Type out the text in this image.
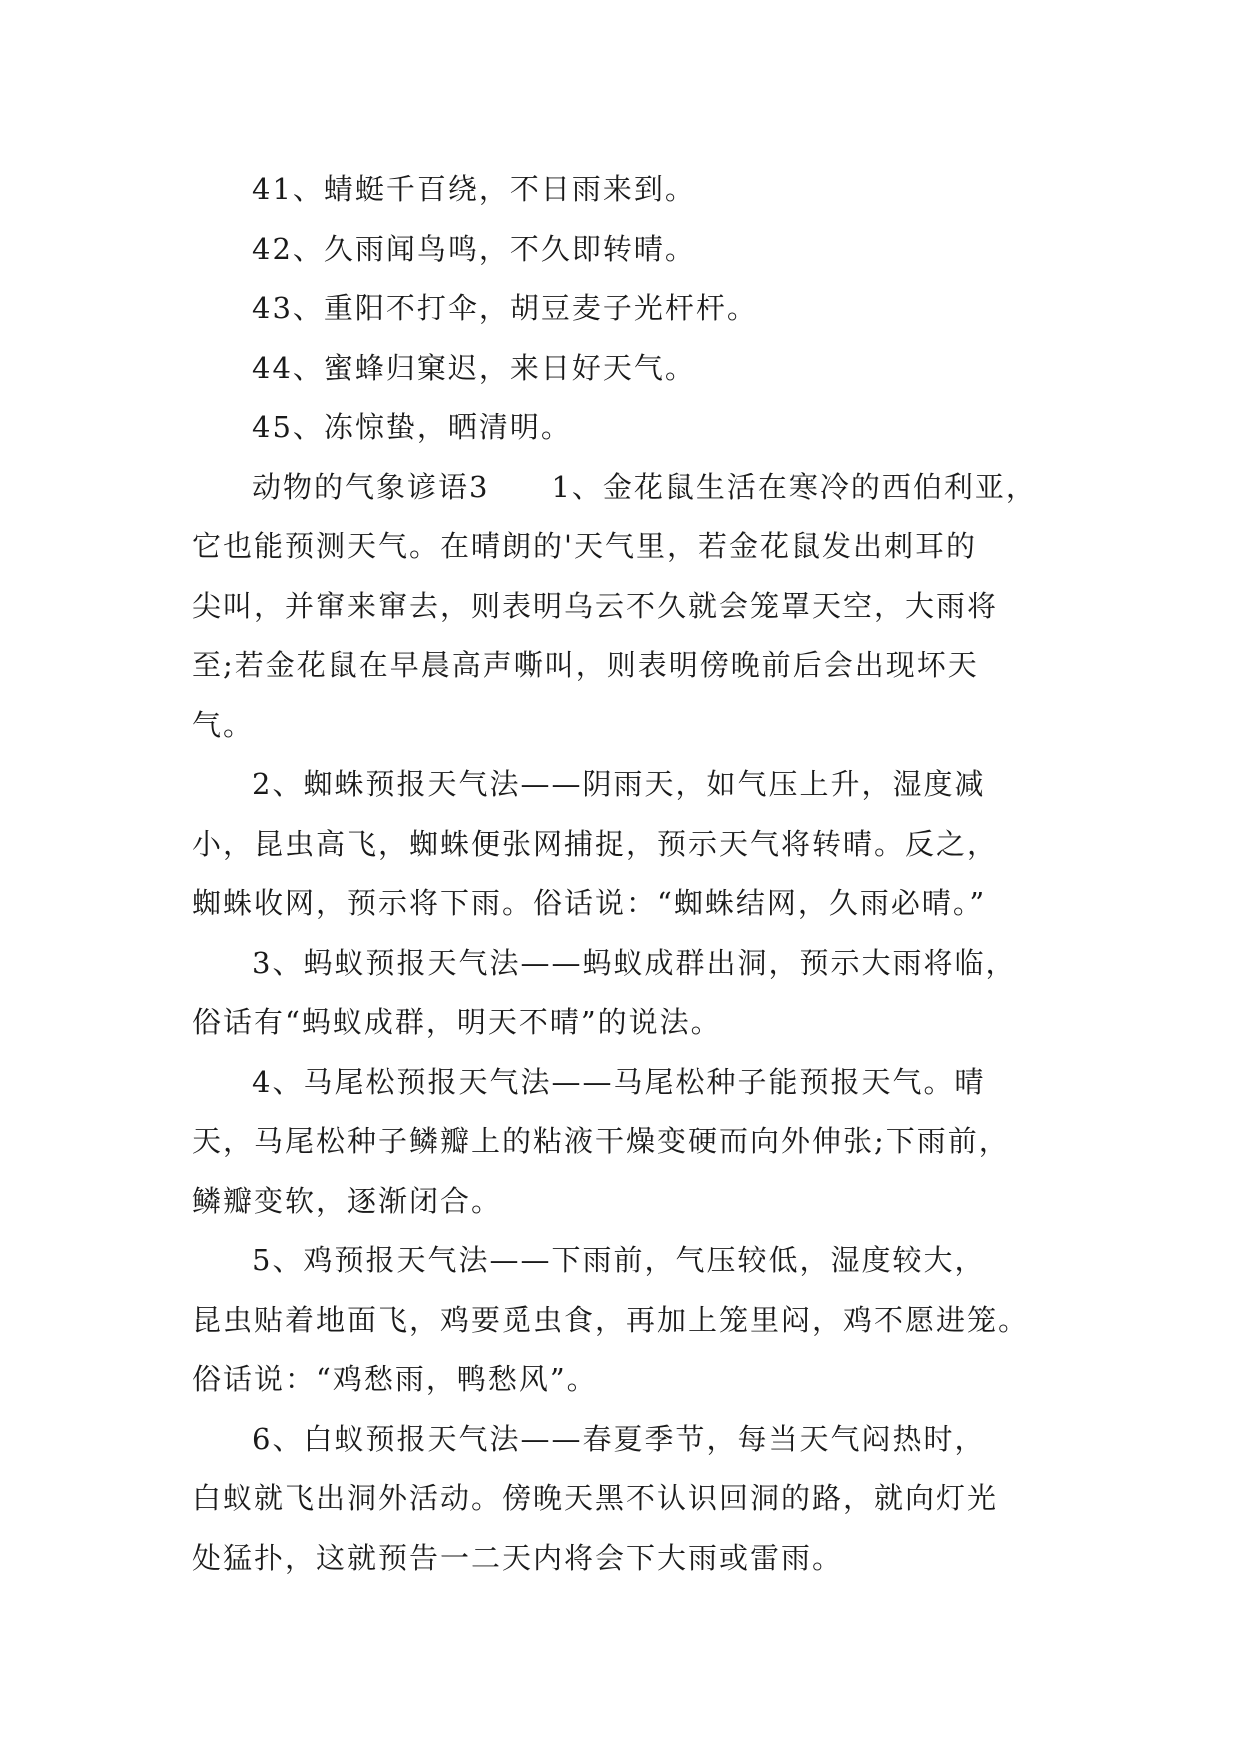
41、蜻蜓千百绕，不日雨来到。
42、久雨闻鸟鸣，不久即转晴。
43、重阳不打伞，胡豆麦子光杆杆。
44、蜜蜂归窠迟，来日好天气。
45、冻惊蛰，晒清明。
动物的气象谚语3　　1、金花鼠生活在寒冷的西伯利亚，
它也能预测天气。在晴朗的'天气里，若金花鼠发出刺耳的
尖叫，并窜来窜去，则表明乌云不久就会笼罩天空，大雨将
至;若金花鼠在早晨高声嘶叫，则表明傍晚前后会出现坏天
气。
2、蜘蛛预报天气法——阴雨天，如气压上升，湿度减
小，昆虫高飞，蜘蛛便张网捕捉，预示天气将转晴。反之，
蜘蛛收网，预示将下雨。俗话说：“蜘蛛结网，久雨必晴。”
3、蚂蚁预报天气法——蚂蚁成群出洞，预示大雨将临，
俗话有“蚂蚁成群，明天不晴”的说法。
4、马尾松预报天气法——马尾松种子能预报天气。晴
天，马尾松种子鳞瓣上的粘液干燥变硬而向外伸张;下雨前，
鳞瓣变软，逐渐闭合。
5、鸡预报天气法——下雨前，气压较低，湿度较大，
昆虫贴着地面飞，鸡要觅虫食，再加上笼里闷，鸡不愿进笼。
俗话说：“鸡愁雨，鸭愁风”。
6、白蚁预报天气法——春夏季节，每当天气闷热时，
白蚁就飞出洞外活动。傍晚天黑不认识回洞的路，就向灯光
处猛扑，这就预告一二天内将会下大雨或雷雨。
